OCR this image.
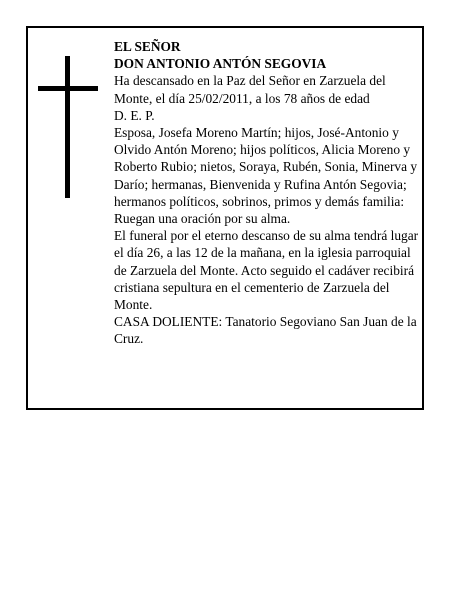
EL SEÑOR

DON ANTONIO ANTÓN SEGOVIA

Ha descansado en la Paz del Señor en Zarzuela del Monte, el día 25/02/2011, a los 78 años de edad

D. E. P.

Esposa, Josefa Moreno Martín; hijos, José-Antonio y Olvido Antón Moreno; hijos políticos, Alicia Moreno y Roberto Rubio; nietos, Soraya, Rubén, Sonia, Minerva y Darío; hermanas, Bienvenida y Rufina Antón Segovia; hermanos políticos, sobrinos, primos y demás familia:

Ruegan una oración por su alma.

El funeral por el eterno descanso de su alma tendrá lugar el día 26, a las 12 de la mañana, en la iglesia parroquial de Zarzuela del Monte. Acto seguido el cadáver recibirá cristiana sepultura en el cementerio de Zarzuela del Monte.

CASA DOLIENTE: Tanatorio Segoviano San Juan de la Cruz.
